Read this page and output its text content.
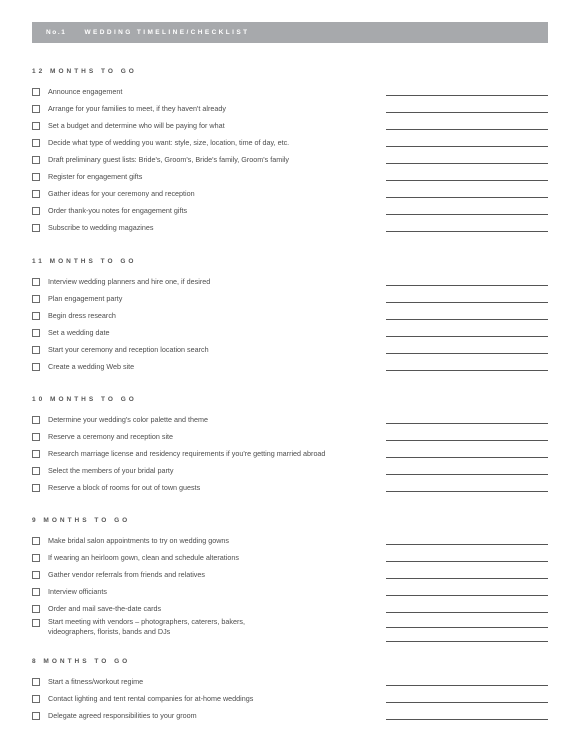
No.1	WEDDING TIMELINE/CHECKLIST
12 MONTHS TO GO
Announce engagement
Arrange for your families to meet, if they haven't already
Set a budget and determine who will be paying for what
Decide what type of wedding you want: style, size, location, time of day, etc.
Draft preliminary guest lists: Bride's, Groom's, Bride's family, Groom's family
Register for engagement gifts
Gather ideas for your ceremony and reception
Order thank-you notes for engagement gifts
Subscribe to wedding magazines
11 MONTHS TO GO
Interview wedding planners and hire one, if desired
Plan engagement party
Begin dress research
Set a wedding date
Start your ceremony and reception location search
Create a wedding Web site
10 MONTHS TO GO
Determine your wedding's color palette and theme
Reserve a ceremony and reception site
Research marriage license and residency requirements if you're getting married abroad
Select the members of your bridal party
Reserve a block of rooms for out of town guests
9 MONTHS TO GO
Make bridal salon appointments to try on wedding gowns
If wearing an heirloom gown, clean and schedule alterations
Gather vendor referrals from friends and relatives
Interview officiants
Order and mail save-the-date cards
Start meeting with vendors – photographers, caterers, bakers,
videographers, florists, bands and DJs
8 MONTHS TO GO
Start a fitness/workout regime
Contact lighting and tent rental companies for at-home weddings
Delegate agreed responsibilities to your groom
